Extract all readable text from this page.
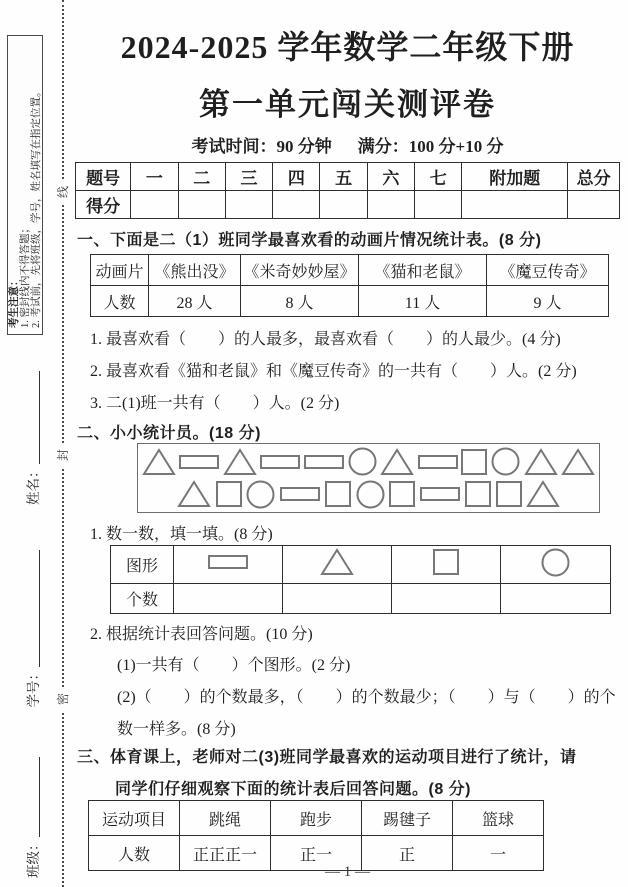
线
封
密
考生注意： 1. 密封线内不得答题； 2. 考试前，先将班级，学号，姓名填写在指定位置。
班级：
学号：
姓名：
2024-2025 学年数学二年级下册
第一单元闯关测评卷
考试时间：90 分钟 满分：100 分+10 分
题号	一	二	三	四	五	六	七	附加题	总分
得分									
一、下面是二（1）班同学最喜欢看的动画片情况统计表。(8 分)
动画片	《熊出没》	《米奇妙妙屋》	《猫和老鼠》	《魔豆传奇》
人数	28 人	8 人	11 人	9 人
1. 最喜欢看（　　）的人最多，最喜欢看（　　）的人最少。(4 分)
2. 最喜欢看《猫和老鼠》和《魔豆传奇》的一共有（　　）人。(2 分)
3. 二(1)班一共有（　　）人。(2 分)
二、小小统计员。(18 分)
1. 数一数，填一填。(8 分)
图形	

个数				
2. 根据统计表回答问题。(10 分)
(1)一共有（　　）个图形。(2 分)
(2)（　　）的个数最多，（　　）的个数最少；（　　）与（　　）的个
数一样多。(8 分)
三、体育课上，老师对二(3)班同学最喜欢的运动项目进行了统计，请
同学们仔细观察下面的统计表后回答问题。(8 分)
运动项目	跳绳	跑步	踢毽子	篮球
人数	正正正一	正一	正	一
— 1 —
